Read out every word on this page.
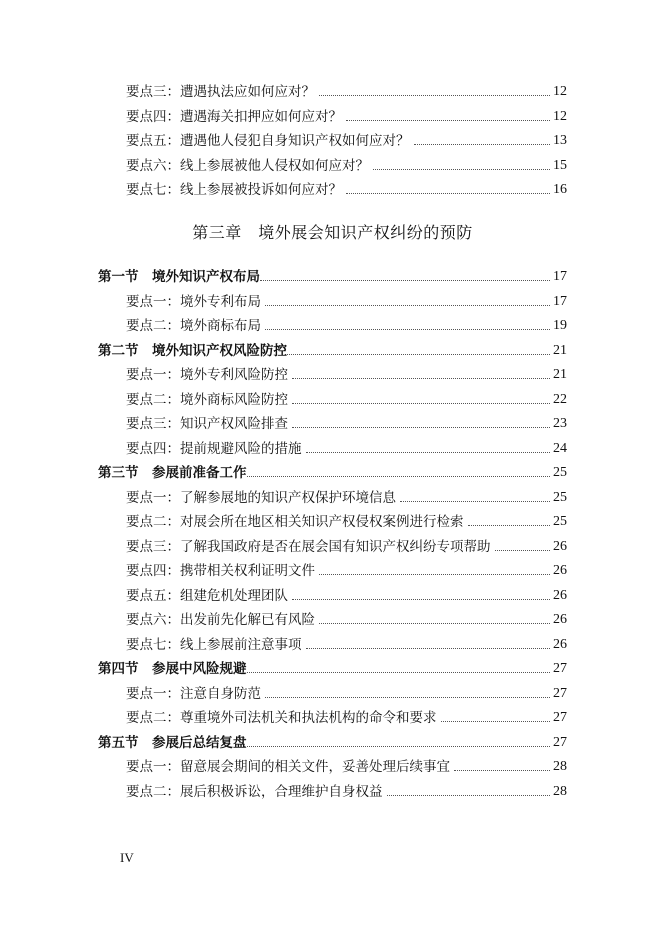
要点三：遭遇执法应如何应对？	12
要点四：遭遇海关扣押应如何应对？	12
要点五：遭遇他人侵犯自身知识产权如何应对？	13
要点六：线上参展被他人侵权如何应对？	15
要点七：线上参展被投诉如何应对？	16
第三章　境外展会知识产权纠纷的预防
第一节　境外知识产权布局	17
要点一：境外专利布局	17
要点二：境外商标布局	19
第二节　境外知识产权风险防控	21
要点一：境外专利风险防控	21
要点二：境外商标风险防控	22
要点三：知识产权风险排查	23
要点四：提前规避风险的措施	24
第三节　参展前准备工作	25
要点一：了解参展地的知识产权保护环境信息	25
要点二：对展会所在地区相关知识产权侵权案例进行检索	25
要点三：了解我国政府是否在展会国有知识产权纠纷专项帮助	26
要点四：携带相关权利证明文件	26
要点五：组建危机处理团队	26
要点六：出发前先化解已有风险	26
要点七：线上参展前注意事项	26
第四节　参展中风险规避	27
要点一：注意自身防范	27
要点二：尊重境外司法机关和执法机构的命令和要求	27
第五节　参展后总结复盘	27
要点一：留意展会期间的相关文件，妥善处理后续事宜	28
要点二：展后积极诉讼，合理维护自身权益	28
IV
